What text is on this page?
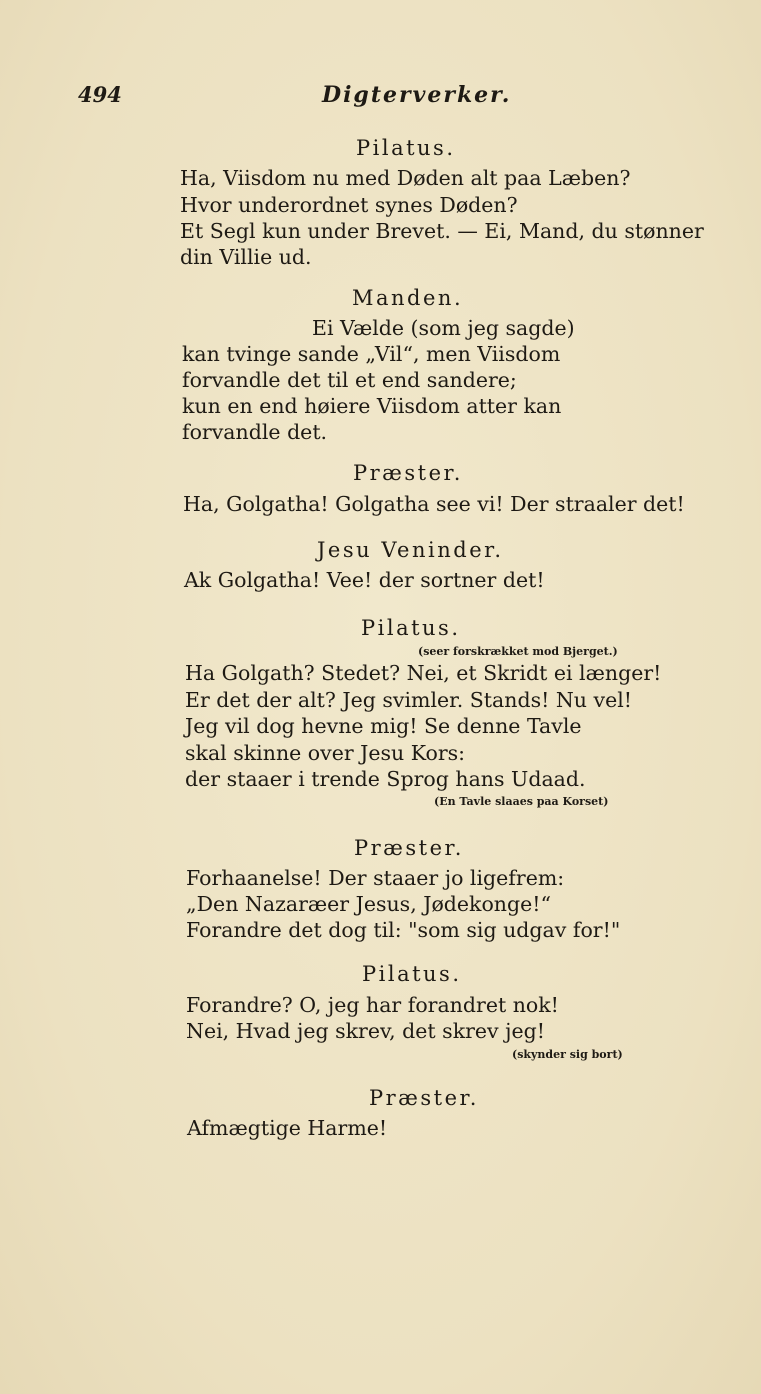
494	Digterverker.
Pilatus.
Ha, Viisdom nu med Døden alt paa Læben?
Hvor underordnet synes Døden?
Et Segl kun under Brevet. — Ei, Mand, du stønner
din Villie ud.
Manden.
Ei Vælde (som jeg sagde)
kan tvinge sande „Vil“, men Viisdom
forvandle det til et end sandere;
kun en end høiere Viisdom atter kan
forvandle det.
Præster.
Ha, Golgatha! Golgatha see vi! Der straaler det!
Jesu Veninder.
Ak Golgatha! Vee! der sortner det!
Pilatus.
(seer forskrækket mod Bjerget.)
Ha Golgath? Stedet? Nei, et Skridt ei længer!
Er det der alt? Jeg svimler. Stands! Nu vel!
Jeg vil dog hevne mig! Se denne Tavle
skal skinne over Jesu Kors:
der staaer i trende Sprog hans Udaad.
(En Tavle slaaes paa Korset)
Præster.
Forhaanelse! Der staaer jo ligefrem:
„Den Nazaræer Jesus, Jødekonge!“
Forandre det dog til: "som sig udgav for!"
Pilatus.
Forandre? O, jeg har forandret nok!
Nei, Hvad jeg skrev, det skrev jeg!
(skynder sig bort)
Præster.
Afmægtige Harme!
